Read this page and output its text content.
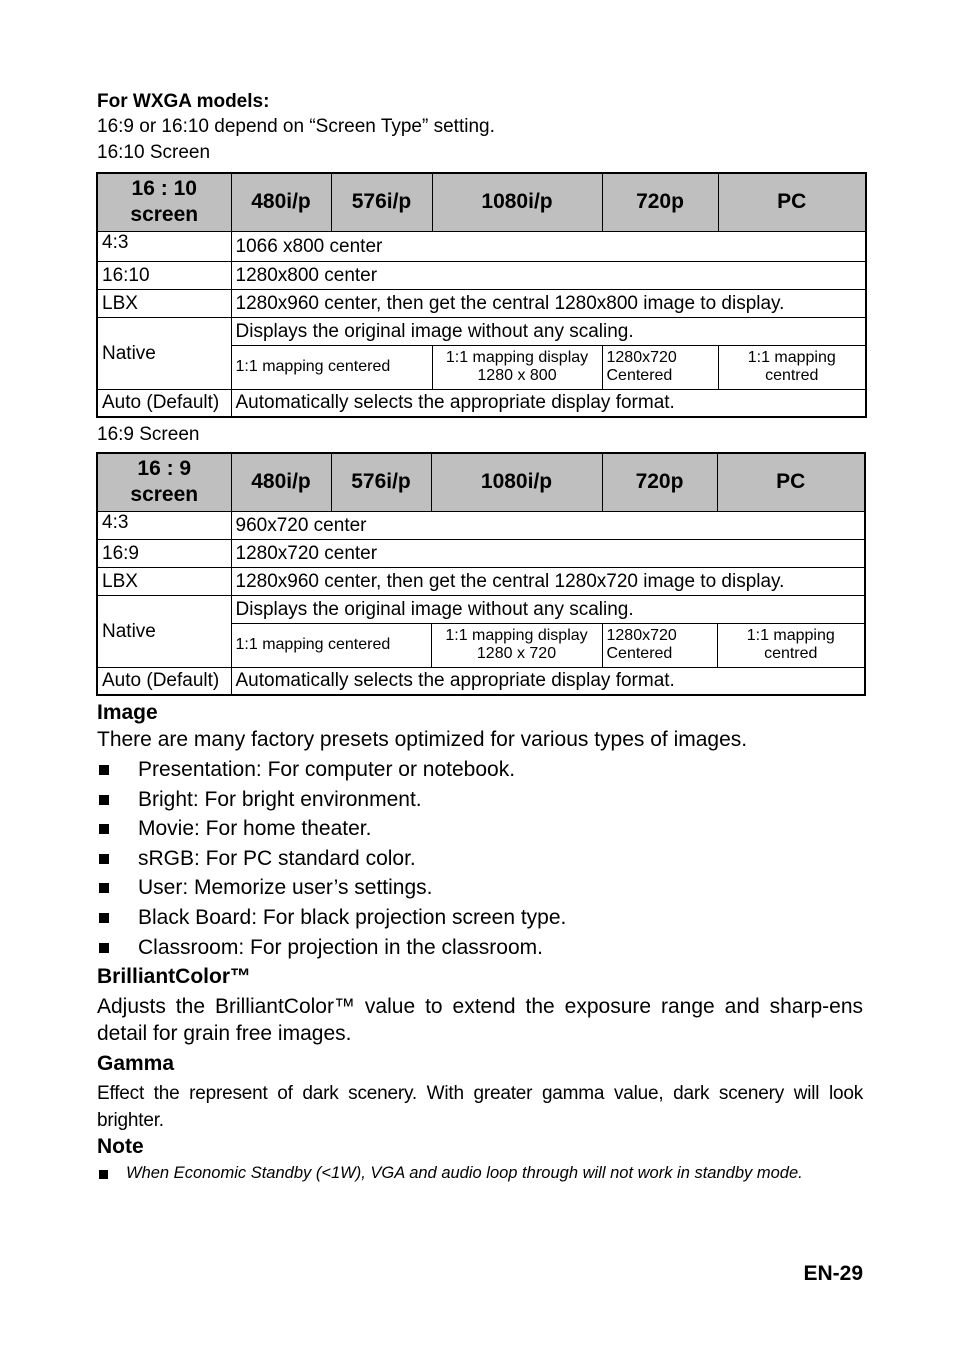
For WXGA models:
16:9 or 16:10 depend on “Screen Type” setting.
16:10 Screen
16 : 10 screen	480i/p	576i/p	1080i/p	720p	PC
4:3	1066 x800 center				
16:10	1280x800 center				
LBX	1280x960 center, then get the central 1280x800 image to display.				
Native	Displays the original image without any scaling.				
	1:1 mapping centered		1:1 mapping display 1280 x 800	1280x720 Centered	1:1 mapping centred
Auto (Default)	Automatically selects the appropriate display format.				
16:9 Screen
16 : 9 screen	480i/p	576i/p	1080i/p	720p	PC
4:3	960x720 center				
16:9	1280x720 center				
LBX	1280x960 center, then get the central 1280x720 image to display.				
Native	Displays the original image without any scaling.				
	1:1 mapping centered		1:1 mapping display 1280 x 720	1280x720 Centered	1:1 mapping centred
Auto (Default)	Automatically selects the appropriate display format.				
Image
There are many factory presets optimized for various types of images.
Presentation: For computer or notebook.
Bright: For bright environment.
Movie: For home theater.
sRGB: For PC standard color.
User: Memorize user’s settings.
Black Board: For black projection screen type.
Classroom: For projection in the classroom.
BrilliantColor™
Adjusts the BrilliantColor™ value to extend the exposure range and sharp-ens detail for grain free images.
Gamma
Effect the represent of dark scenery. With greater gamma value, dark scenery will look brighter.
Note
When Economic Standby (<1W), VGA and audio loop through will not work in standby mode.
EN-29
